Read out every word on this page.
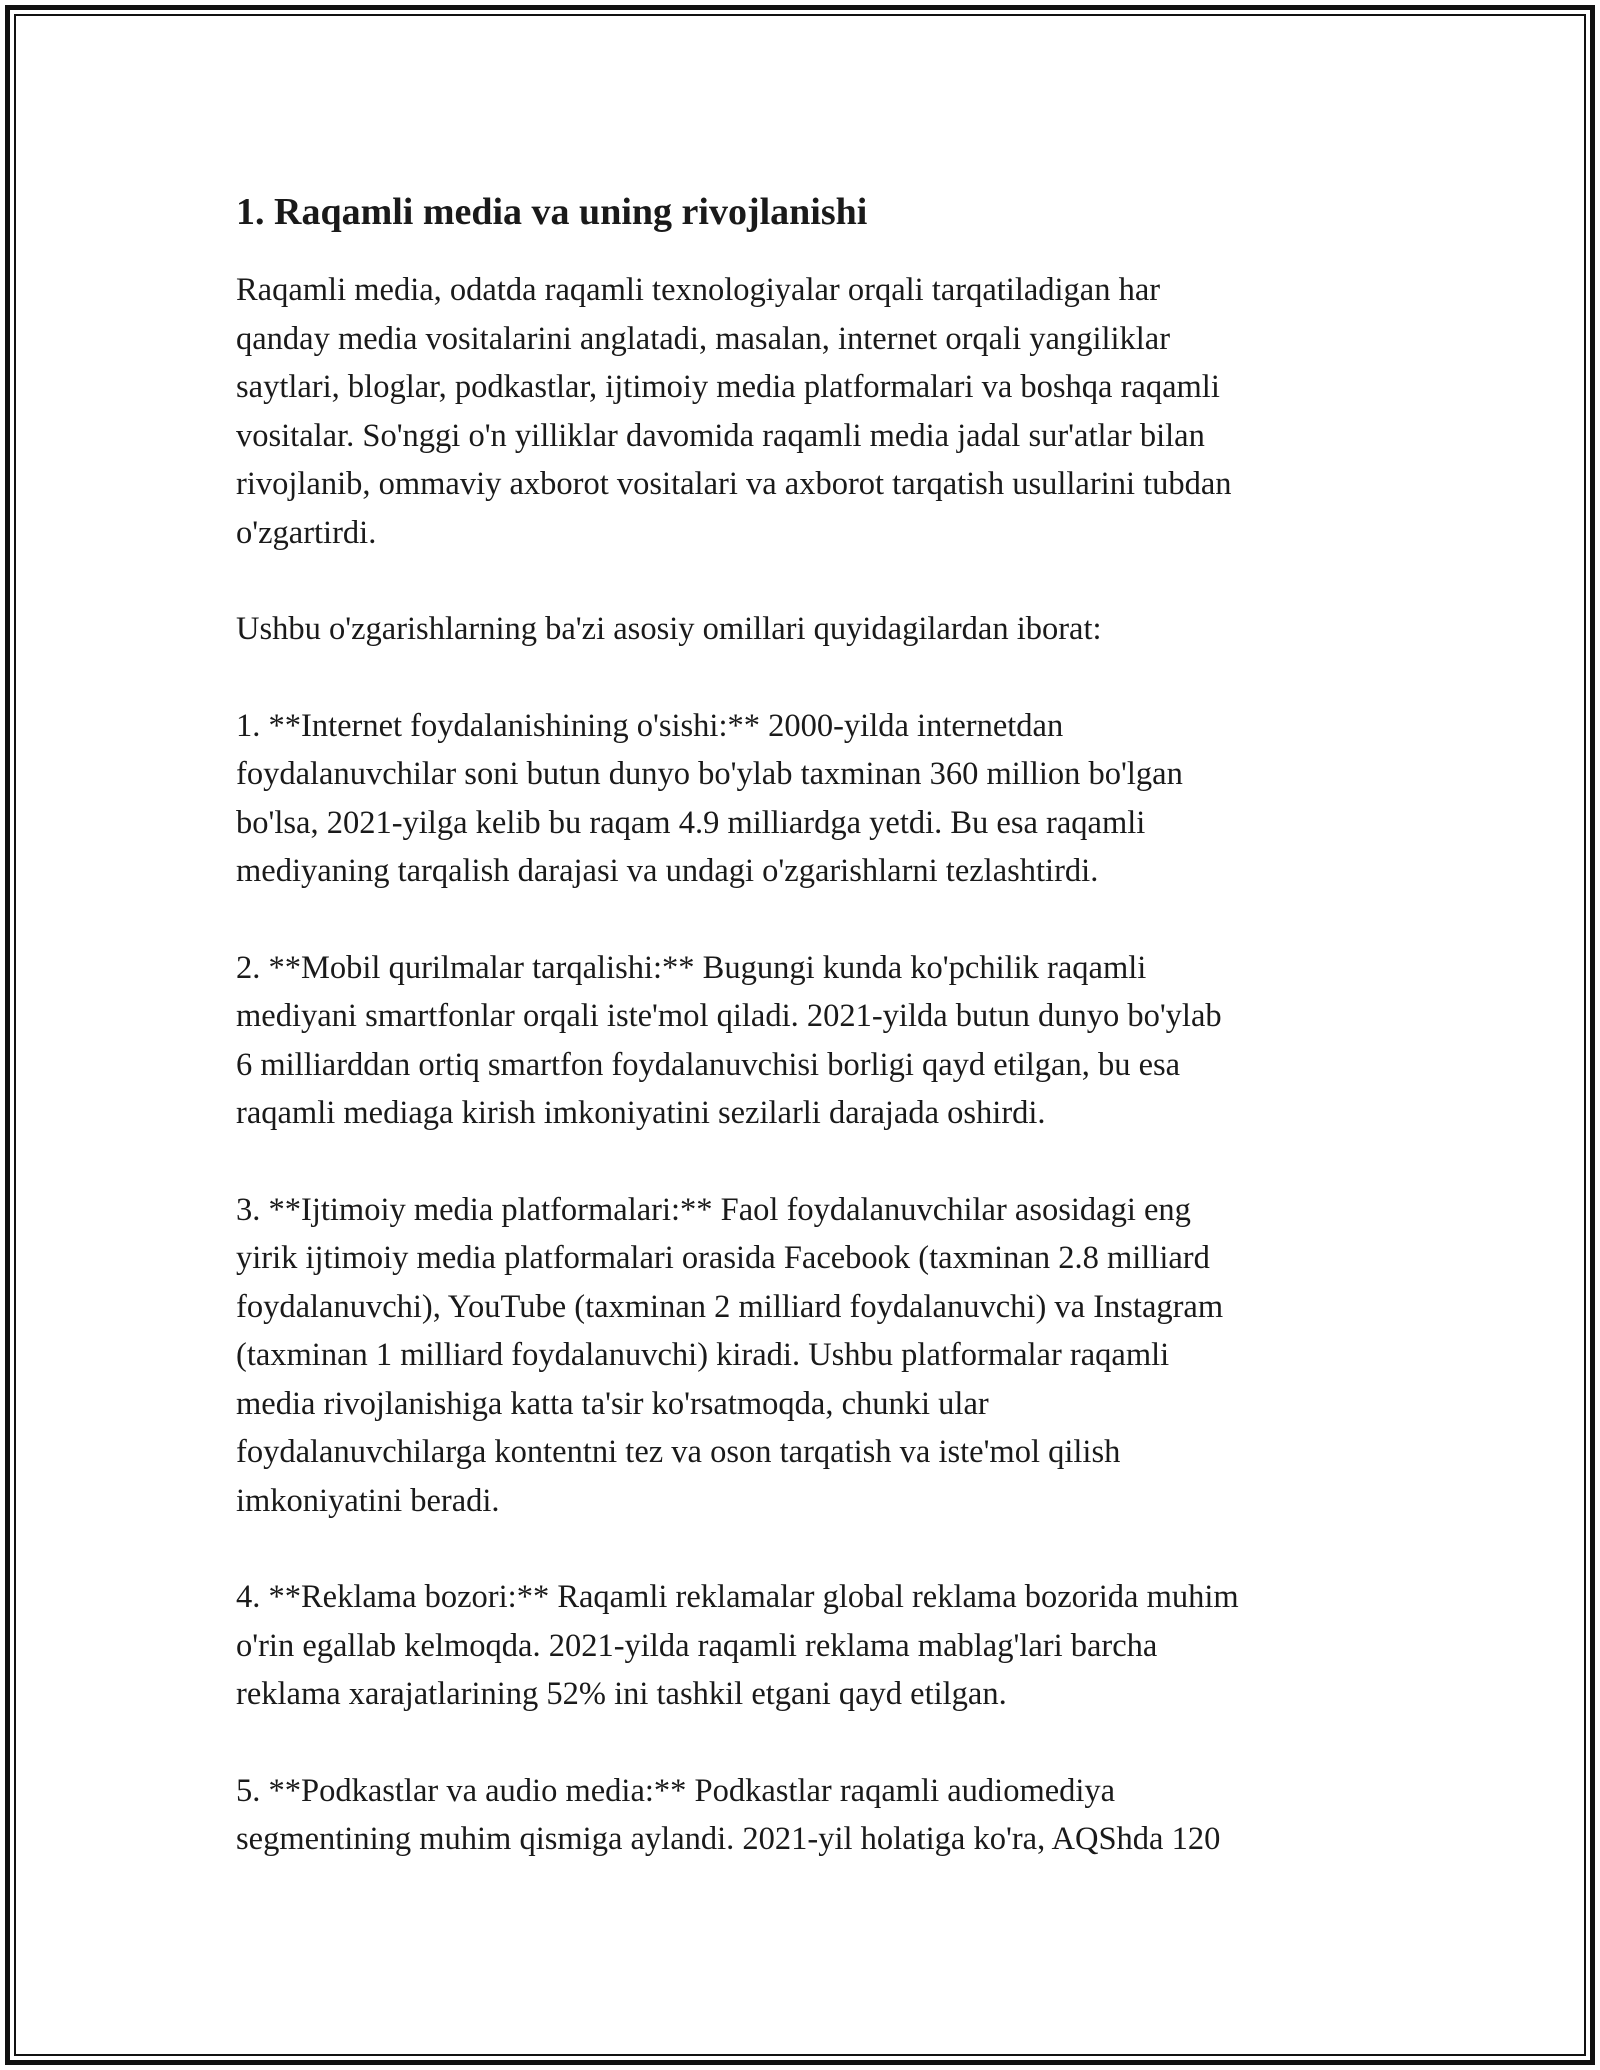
1. Raqamli media va uning rivojlanishi

Raqamli media, odatda raqamli texnologiyalar orqali tarqatiladigan har
qanday media vositalarini anglatadi, masalan, internet orqali yangiliklar
saytlari, bloglar, podkastlar, ijtimoiy media platformalari va boshqa raqamli
vositalar. So'nggi o'n yilliklar davomida raqamli media jadal sur'atlar bilan
rivojlanib, ommaviy axborot vositalari va axborot tarqatish usullarini tubdan
o'zgartirdi.

Ushbu o'zgarishlarning ba'zi asosiy omillari quyidagilardan iborat:

1. **Internet foydalanishining o'sishi:** 2000-yilda internetdan
foydalanuvchilar soni butun dunyo bo'ylab taxminan 360 million bo'lgan
bo'lsa, 2021-yilga kelib bu raqam 4.9 milliardga yetdi. Bu esa raqamli
mediyaning tarqalish darajasi va undagi o'zgarishlarni tezlashtirdi.

2. **Mobil qurilmalar tarqalishi:** Bugungi kunda ko'pchilik raqamli
mediyani smartfonlar orqali iste'mol qiladi. 2021-yilda butun dunyo bo'ylab
6 milliarddan ortiq smartfon foydalanuvchisi borligi qayd etilgan, bu esa
raqamli mediaga kirish imkoniyatini sezilarli darajada oshirdi.

3. **Ijtimoiy media platformalari:** Faol foydalanuvchilar asosidagi eng
yirik ijtimoiy media platformalari orasida Facebook (taxminan 2.8 milliard
foydalanuvchi), YouTube (taxminan 2 milliard foydalanuvchi) va Instagram
(taxminan 1 milliard foydalanuvchi) kiradi. Ushbu platformalar raqamli
media rivojlanishiga katta ta'sir ko'rsatmoqda, chunki ular
foydalanuvchilarga kontentni tez va oson tarqatish va iste'mol qilish
imkoniyatini beradi.

4. **Reklama bozori:** Raqamli reklamalar global reklama bozorida muhim
o'rin egallab kelmoqda. 2021-yilda raqamli reklama mablag'lari barcha
reklama xarajatlarining 52% ini tashkil etgani qayd etilgan.

5. **Podkastlar va audio media:** Podkastlar raqamli audiomediya
segmentining muhim qismiga aylandi. 2021-yil holatiga ko'ra, AQShda 120
